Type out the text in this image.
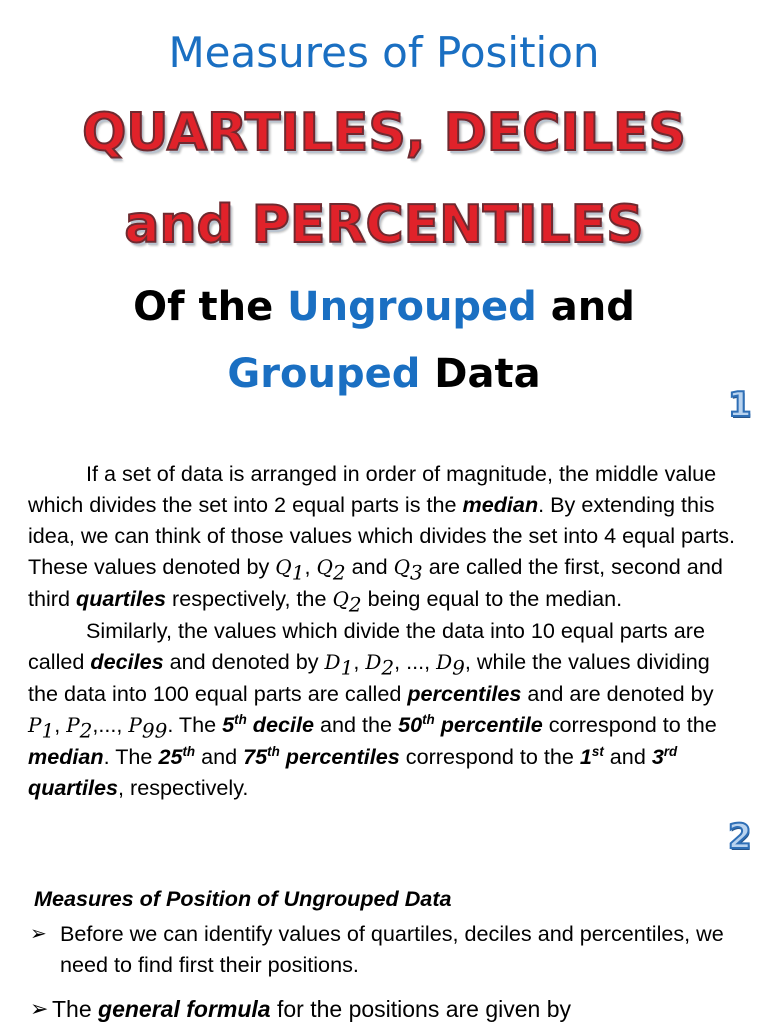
Measures of Position
QUARTILES, DECILES
and PERCENTILES
Of the Ungrouped and
Grouped Data
1
2
If a set of data is arranged in order of magnitude, the middle value which divides the set into 2 equal parts is the median. By extending this idea, we can think of those values which divides the set into 4 equal parts. These values denoted by $Q_1$, $Q_2$ and $Q_3$ are called the first, second and third quartiles respectively, the $Q_2$ being equal to the median.
Similarly, the values which divide the data into 10 equal parts are called deciles and denoted by $D_1$, $D_2$, ..., $D_9$, while the values dividing the data into 100 equal parts are called percentiles and are denoted by $P_1$, $P_2$,..., $P_{99}$. The 5th decile and the 50th percentile correspond to the median. The 25th and 75th percentiles correspond to the 1st and 3rd quartiles, respectively.
Measures of Position of Ungrouped Data
➢ Before we can identify values of quartiles, deciles and percentiles, we need to find first their positions.
➢ The general formula for the positions are given by
